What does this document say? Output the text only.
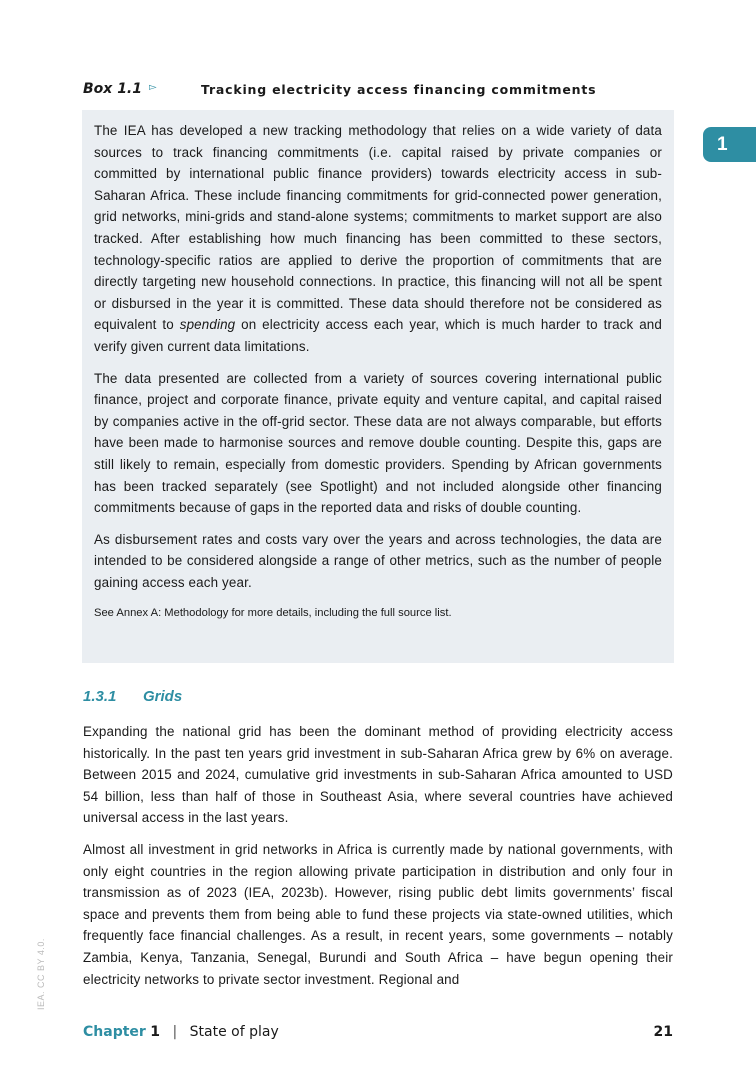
Box 1.1 ▻	Tracking electricity access financing commitments

The IEA has developed a new tracking methodology that relies on a wide variety of data sources to track financing commitments (i.e. capital raised by private companies or committed by international public finance providers) towards electricity access in sub-Saharan Africa. These include financing commitments for grid-connected power generation, grid networks, mini-grids and stand-alone systems; commitments to market support are also tracked. After establishing how much financing has been committed to these sectors, technology-specific ratios are applied to derive the proportion of commitments that are directly targeting new household connections. In practice, this financing will not all be spent or disbursed in the year it is committed. These data should therefore not be considered as equivalent to spending on electricity access each year, which is much harder to track and verify given current data limitations.

The data presented are collected from a variety of sources covering international public finance, project and corporate finance, private equity and venture capital, and capital raised by companies active in the off-grid sector. These data are not always comparable, but efforts have been made to harmonise sources and remove double counting. Despite this, gaps are still likely to remain, especially from domestic providers. Spending by African governments has been tracked separately (see Spotlight) and not included alongside other financing commitments because of gaps in the reported data and risks of double counting.

As disbursement rates and costs vary over the years and across technologies, the data are intended to be considered alongside a range of other metrics, such as the number of people gaining access each year.

See Annex A: Methodology for more details, including the full source list.

1
1.3.1 Grids

Expanding the national grid has been the dominant method of providing electricity access historically. In the past ten years grid investment in sub-Saharan Africa grew by 6% on average. Between 2015 and 2024, cumulative grid investments in sub-Saharan Africa amounted to USD 54 billion, less than half of those in Southeast Asia, where several countries have achieved universal access in the last years.

Almost all investment in grid networks in Africa is currently made by national governments, with only eight countries in the region allowing private participation in distribution and only four in transmission as of 2023 (IEA, 2023b). However, rising public debt limits governments’ fiscal space and prevents them from being able to fund these projects via state-owned utilities, which frequently face financial challenges. As a result, in recent years, some governments – notably Zambia, Kenya, Tanzania, Senegal, Burundi and South Africa – have begun opening their electricity networks to private sector investment. Regional and

IEA. CC BY 4.0.
Chapter 1 | State of play	21
